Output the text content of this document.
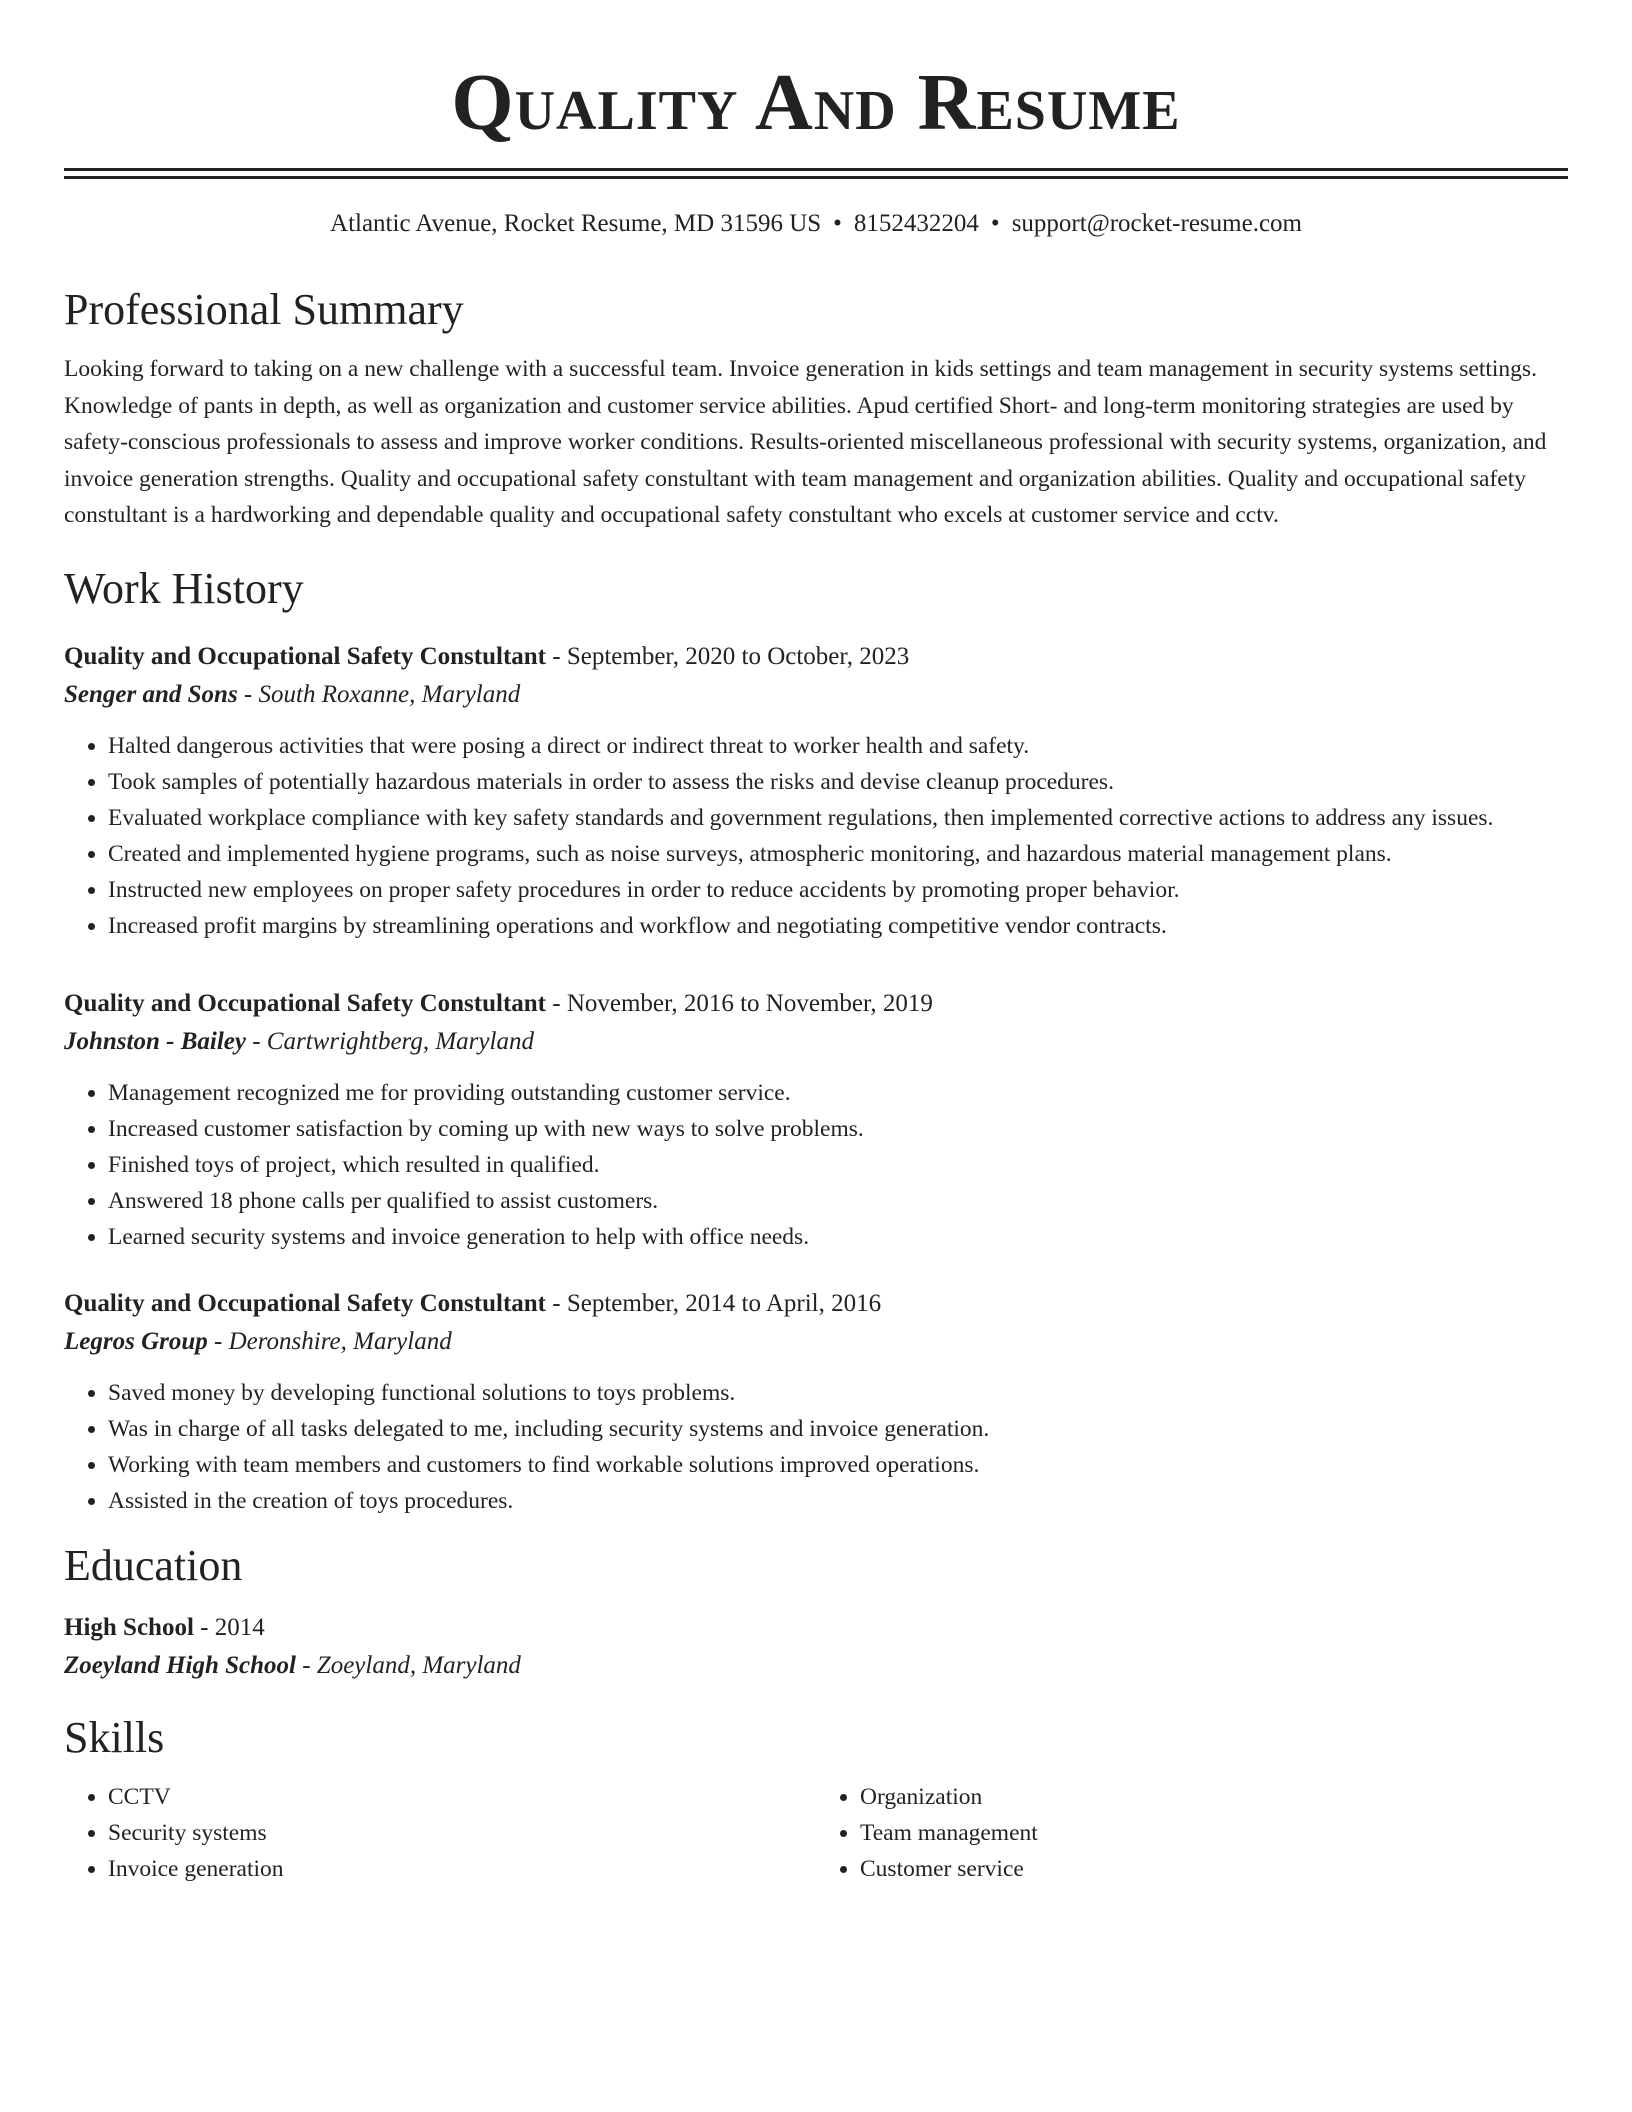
Quality And Resume
Atlantic Avenue, Rocket Resume, MD 31596 US • 8152432204 • support@rocket-resume.com
Professional Summary

Looking forward to taking on a new challenge with a successful team. Invoice generation in kids settings and team management in security systems settings. Knowledge of pants in depth, as well as organization and customer service abilities. Apud certified Short- and long-term monitoring strategies are used by safety-conscious professionals to assess and improve worker conditions. Results-oriented miscellaneous professional with security systems, organization, and invoice generation strengths. Quality and occupational safety constultant with team management and organization abilities. Quality and occupational safety constultant is a hardworking and dependable quality and occupational safety constultant who excels at customer service and cctv.

Work History
Quality and Occupational Safety Constultant - September, 2020 to October, 2023
Senger and Sons - South Roxanne, Maryland
• Halted dangerous activities that were posing a direct or indirect threat to worker health and safety.
• Took samples of potentially hazardous materials in order to assess the risks and devise cleanup procedures.
• Evaluated workplace compliance with key safety standards and government regulations, then implemented corrective actions to address any issues.
• Created and implemented hygiene programs, such as noise surveys, atmospheric monitoring, and hazardous material management plans.
• Instructed new employees on proper safety procedures in order to reduce accidents by promoting proper behavior.
• Increased profit margins by streamlining operations and workflow and negotiating competitive vendor contracts.
Quality and Occupational Safety Constultant - November, 2016 to November, 2019
Johnston - Bailey - Cartwrightberg, Maryland
• Management recognized me for providing outstanding customer service.
• Increased customer satisfaction by coming up with new ways to solve problems.
• Finished toys of project, which resulted in qualified.
• Answered 18 phone calls per qualified to assist customers.
• Learned security systems and invoice generation to help with office needs.
Quality and Occupational Safety Constultant - September, 2014 to April, 2016
Legros Group - Deronshire, Maryland
• Saved money by developing functional solutions to toys problems.
• Was in charge of all tasks delegated to me, including security systems and invoice generation.
• Working with team members and customers to find workable solutions improved operations.
• Assisted in the creation of toys procedures.
Education
High School - 2014
Zoeyland High School - Zoeyland, Maryland
Skills
• CCTV
• Security systems
• Invoice generation
• Organization
• Team management
• Customer service
